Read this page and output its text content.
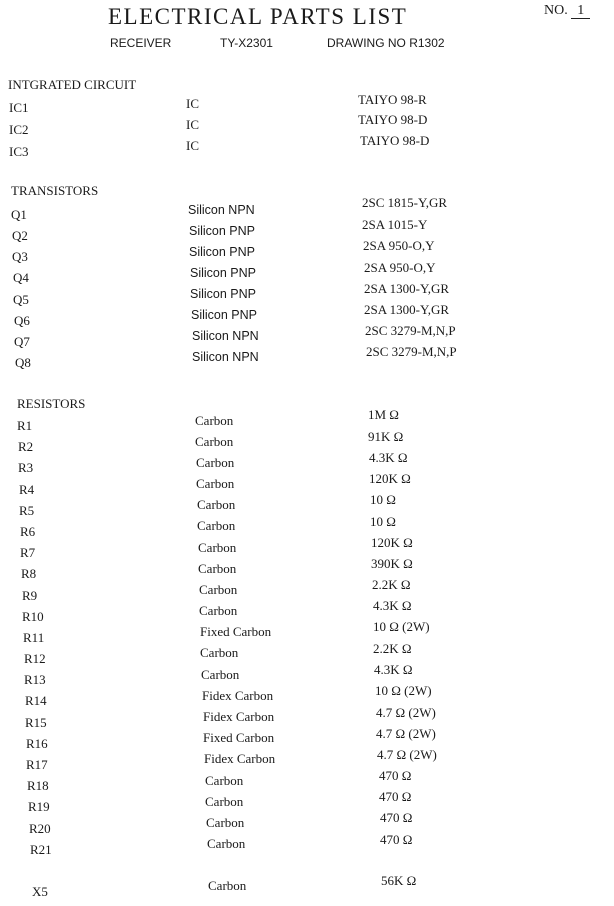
ELECTRICAL PARTS LIST	NO. 1
RECEIVER	TY-X2301	DRAWING NO R1302
INTGRATED CIRCUIT
IC1	IC	TAIYO 98-R
IC2	IC	TAIYO 98-D
IC3	IC	TAIYO 98-D
TRANSISTORS
Q1	Silicon NPN	2SC 1815-Y,GR
Q2	Silicon PNP	2SA 1015-Y
Q3	Silicon PNP	2SA 950-O,Y
Q4	Silicon PNP	2SA 950-O,Y
Q5	Silicon PNP	2SA 1300-Y,GR
Q6	Silicon PNP	2SA 1300-Y,GR
Q7	Silicon NPN	2SC 3279-M,N,P
Q8	Silicon NPN	2SC 3279-M,N,P
RESISTORS
R1	Carbon	1M Ω
R2	Carbon	91K Ω
R3	Carbon	4.3K Ω
R4	Carbon	120K Ω
R5	Carbon	10 Ω
R6	Carbon	10 Ω
R7	Carbon	120K Ω
R8	Carbon	390K Ω
R9	Carbon	2.2K Ω
R10	Carbon	4.3K Ω
R11	Fixed Carbon	10 Ω (2W)
R12	Carbon	2.2K Ω
R13	Carbon	4.3K Ω
R14	Fidex Carbon	10 Ω (2W)
R15	Fidex Carbon	4.7 Ω (2W)
R16	Fixed Carbon	4.7 Ω (2W)
R17	Fidex Carbon	4.7 Ω (2W)
R18	Carbon	470 Ω
R19	Carbon	470 Ω
R20	Carbon	470 Ω
R21	Carbon	470 Ω
X5	Carbon	56K Ω
